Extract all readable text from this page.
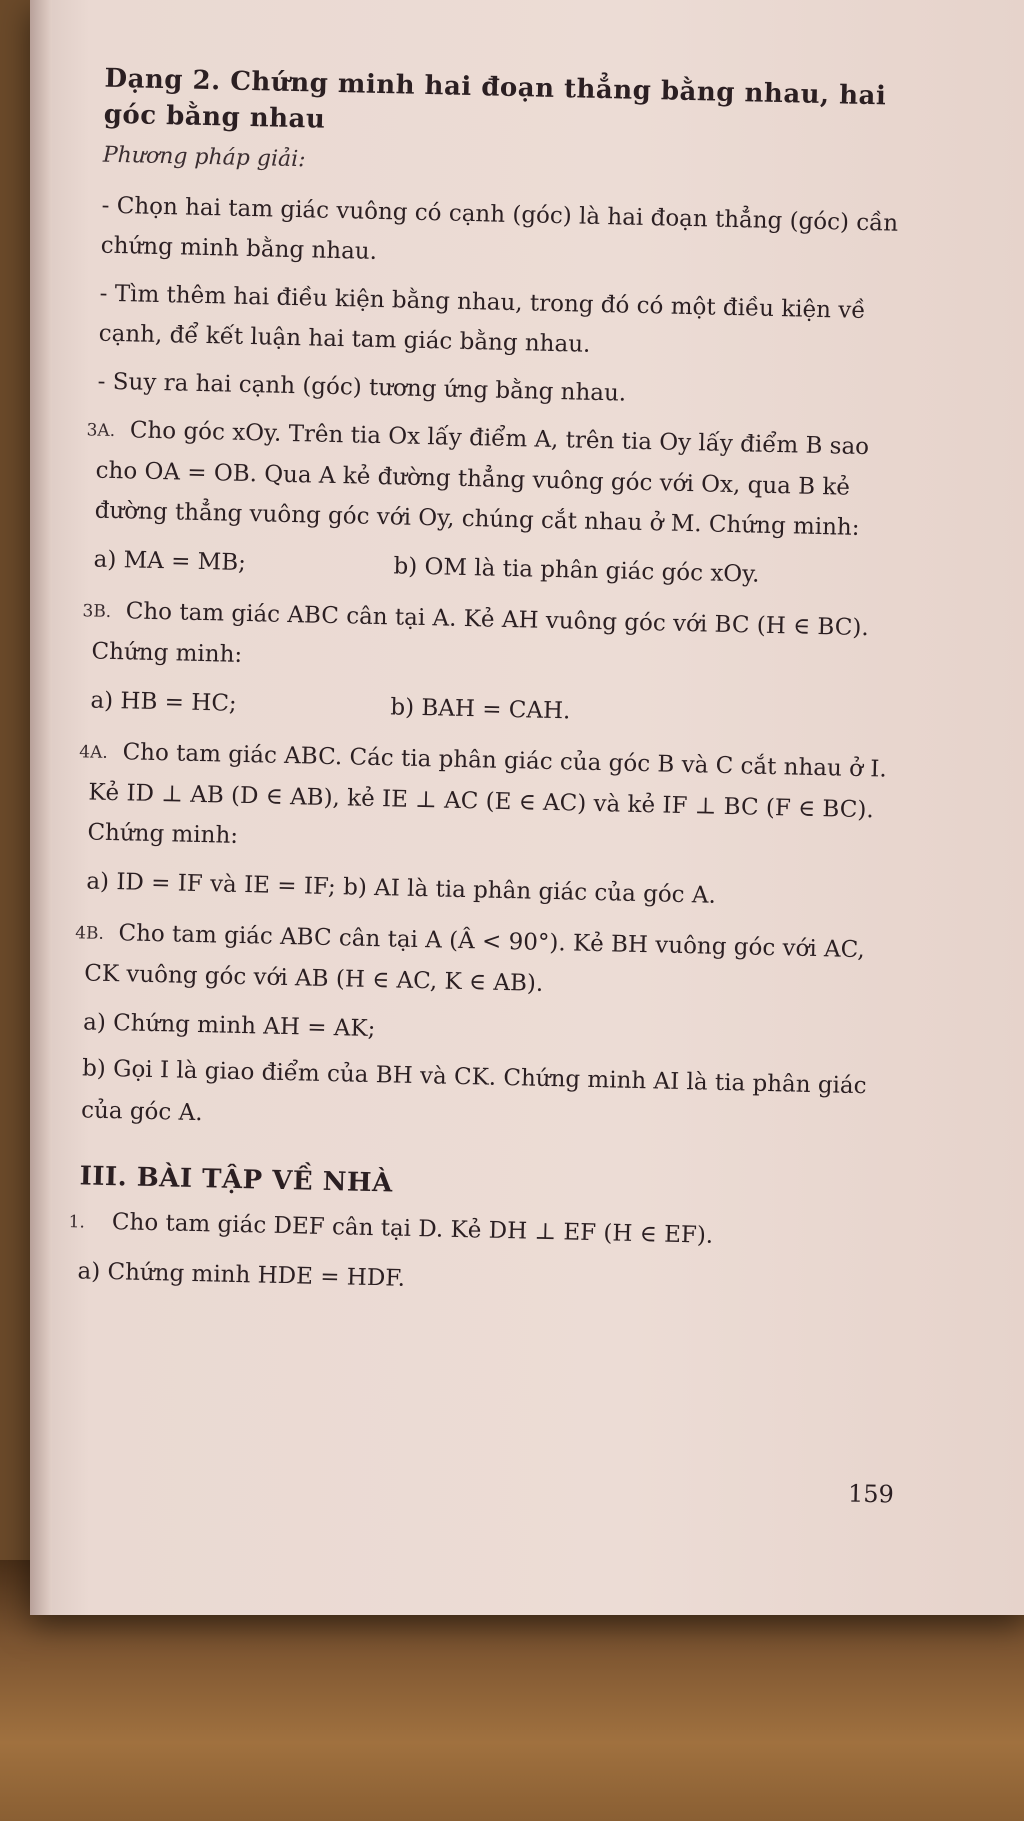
Dạng 2. Chứng minh hai đoạn thẳng bằng nhau, hai góc bằng nhau
Phương pháp giải:
- Chọn hai tam giác vuông có cạnh (góc) là hai đoạn thẳng (góc) cần chứng minh bằng nhau.
- Tìm thêm hai điều kiện bằng nhau, trong đó có một điều kiện về cạnh, để kết luận hai tam giác bằng nhau.
- Suy ra hai cạnh (góc) tương ứng bằng nhau.
3A. Cho góc xOy. Trên tia Ox lấy điểm A, trên tia Oy lấy điểm B sao cho OA = OB. Qua A kẻ đường thẳng vuông góc với Ox, qua B kẻ đường thẳng vuông góc với Oy, chúng cắt nhau ở M. Chứng minh:
a) MA = MB;	b) OM là tia phân giác góc xOy.
3B. Cho tam giác ABC cân tại A. Kẻ AH vuông góc với BC (H ∈ BC). Chứng minh:
a) HB = HC;	b) BAH = CAH.
4A. Cho tam giác ABC. Các tia phân giác của góc B và C cắt nhau ở I. Kẻ ID ⊥ AB (D ∈ AB), kẻ IE ⊥ AC (E ∈ AC) và kẻ IF ⊥ BC (F ∈ BC). Chứng minh:
a) ID = IF và IE = IF; b) AI là tia phân giác của góc A.
4B. Cho tam giác ABC cân tại A (Â < 90°). Kẻ BH vuông góc với AC, CK vuông góc với AB (H ∈ AC, K ∈ AB).
a) Chứng minh AH = AK;
b) Gọi I là giao điểm của BH và CK. Chứng minh AI là tia phân giác của góc A.
III. BÀI TẬP VỀ NHÀ
1. Cho tam giác DEF cân tại D. Kẻ DH ⊥ EF (H ∈ EF).
a) Chứng minh HDE = HDF.
159
